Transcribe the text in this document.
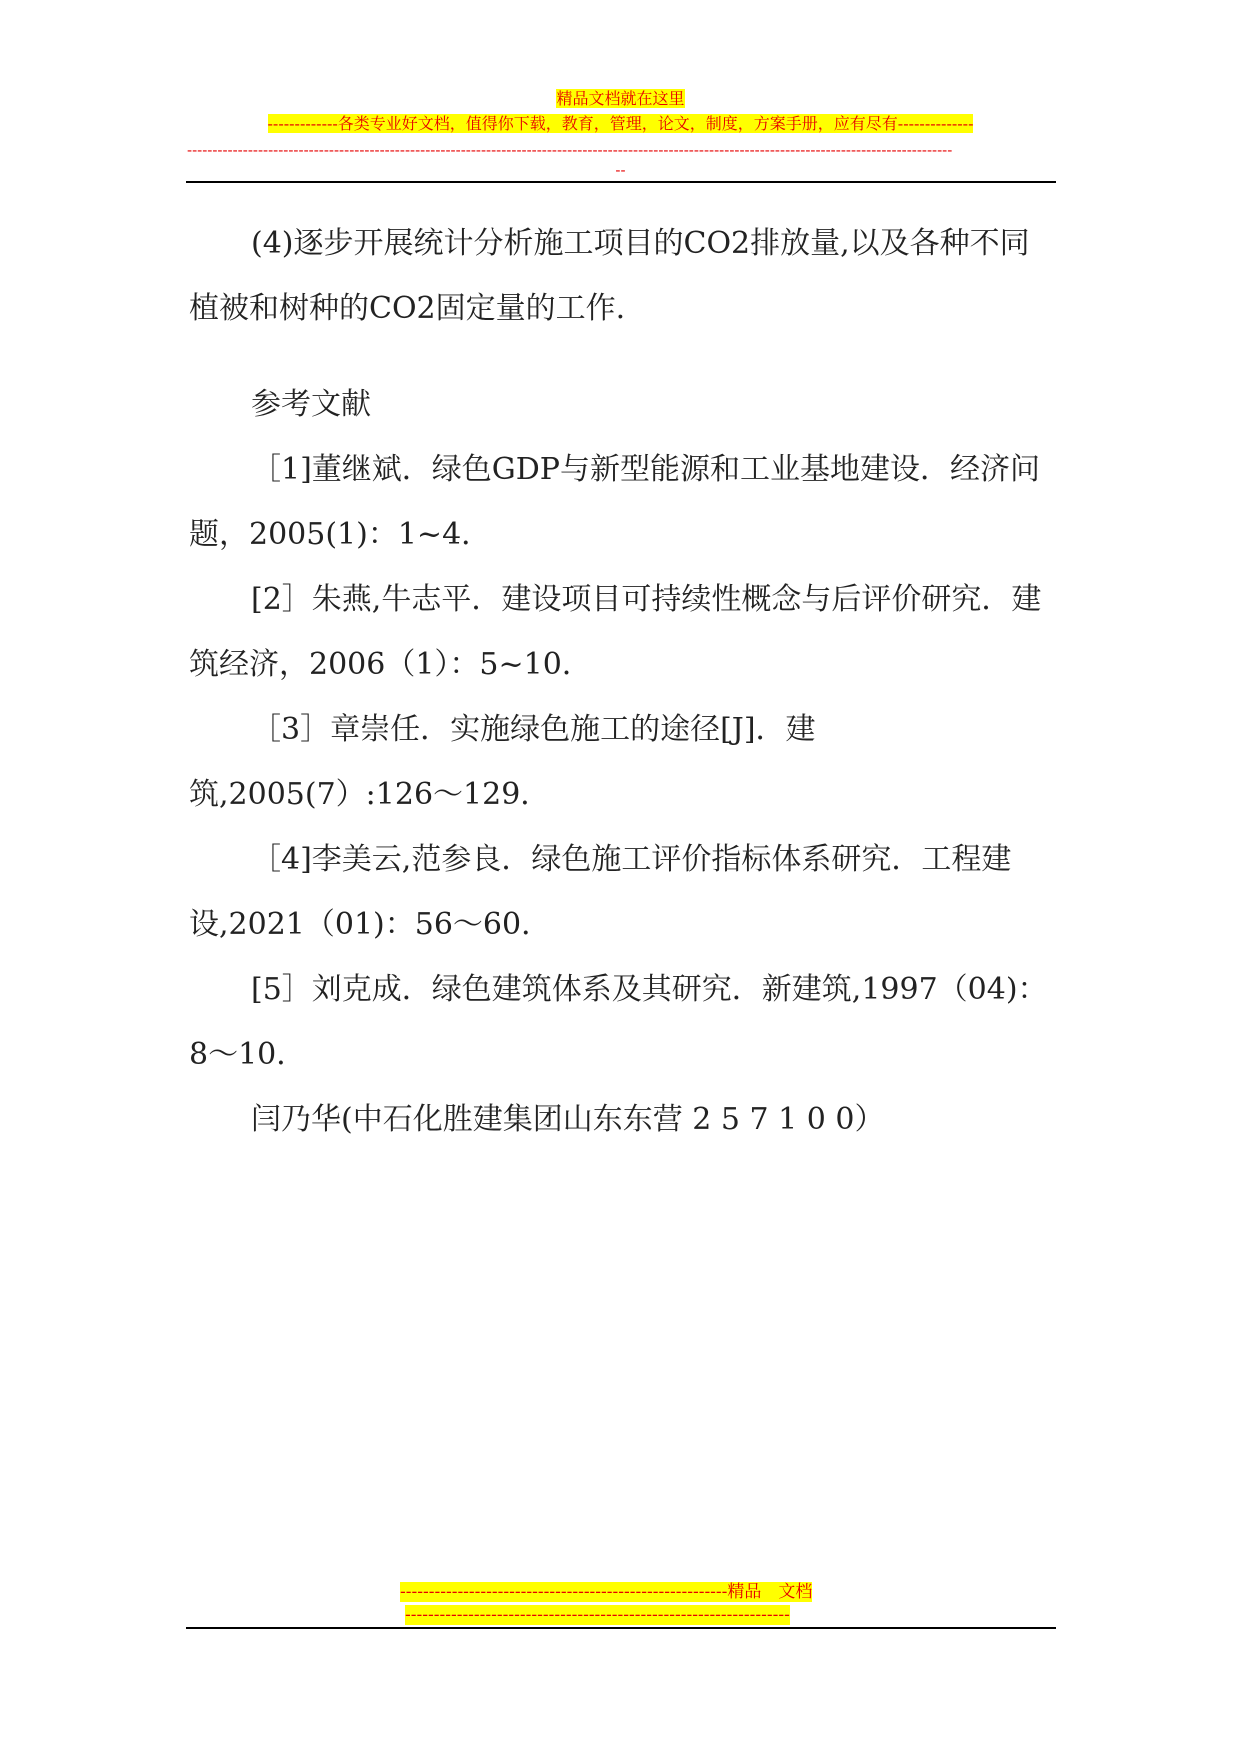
精品文档就在这里
-------------各类专业好文档，值得你下载，教育，管理，论文，制度，方案手册，应有尽有--------------
-------------------------------------------------------------------------------------------------------------------------------------------------------
--

(4)逐步开展统计分析施工项目的CO2排放量,以及各种不同植被和树种的CO2固定量的工作.

参考文献

［1]董继斌．绿色GDP与新型能源和工业基地建设．经济问题，2005(1)：1~4．

[2］朱燕,牛志平．建设项目可持续性概念与后评价研究．建筑经济，2006（1）：5~10．

［3］章崇任．实施绿色施工的途径[J]．建筑,2005(7）:126～129．

［4]李美云,范参良．绿色施工评价指标体系研究．工程建设,2021（01)：56～60．

[5］刘克成．绿色建筑体系及其研究．新建筑,1997（04)：8～10．

闫乃华(中石化胜建集团山东东营 2 5 7 1 0 0）

---------------------------------------------------------精品　文档
-------------------------------------------------------------------
